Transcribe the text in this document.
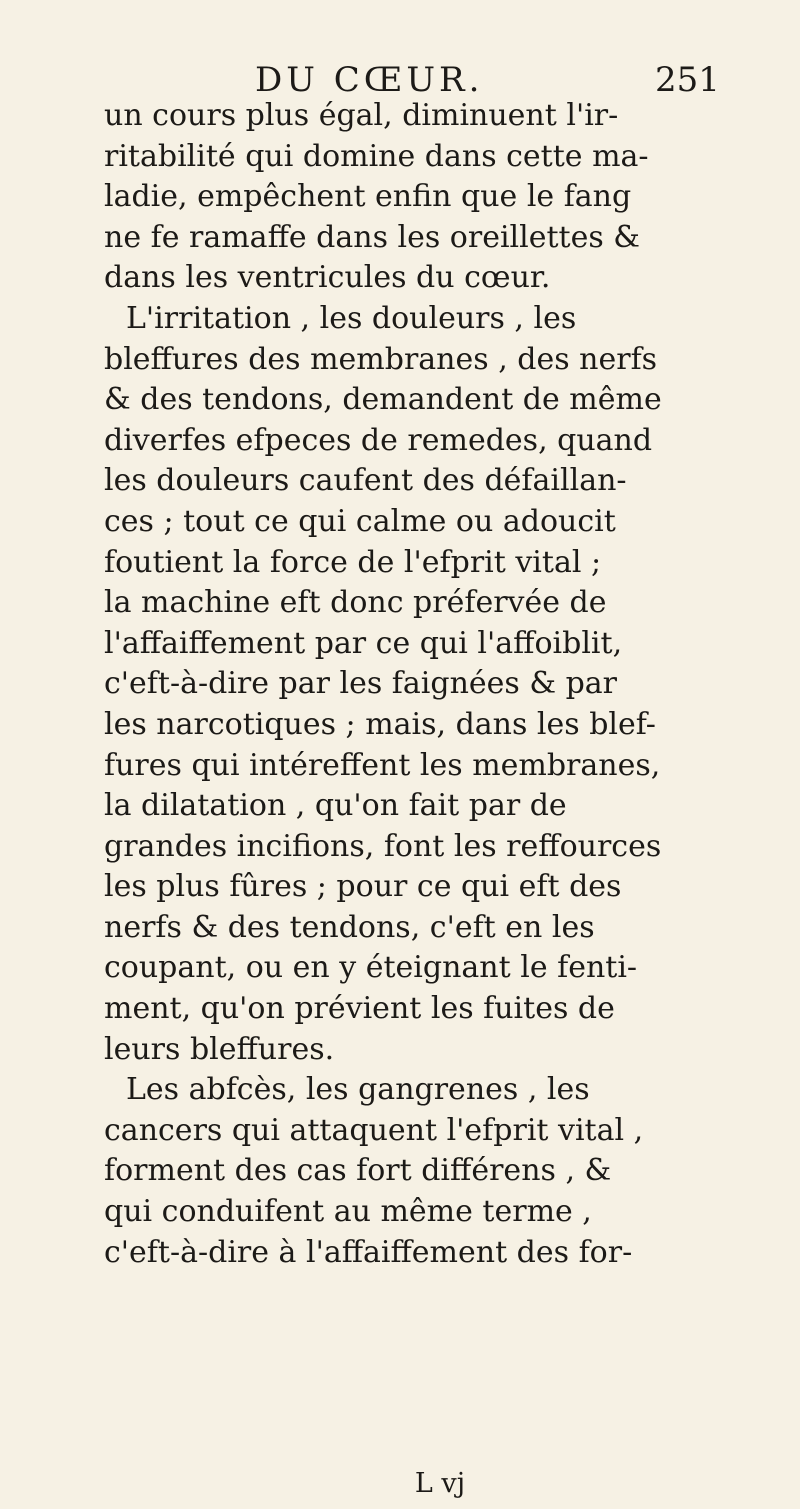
DU CŒUR.	251
un cours plus égal, diminuent l'ir-
ritabilité qui domine dans cette ma-
ladie, empêchent enfin que le fang
ne fe ramaffe dans les oreillettes &
dans les ventricules du cœur.
L'irritation , les douleurs , les
bleffures des membranes , des nerfs
& des tendons, demandent de même
diverfes efpeces de remedes, quand
les douleurs caufent des défaillan-
ces ; tout ce qui calme ou adoucit
foutient la force de l'efprit vital ;
la machine eft donc préfervée de
l'affaiffement par ce qui l'affoiblit,
c'eft-à-dire par les faignées & par
les narcotiques ; mais, dans les blef-
fures qui intéreffent les membranes,
la dilatation , qu'on fait par de
grandes incifions, font les reffources
les plus fûres ; pour ce qui eft des
nerfs & des tendons, c'eft en les
coupant, ou en y éteignant le fenti-
ment, qu'on prévient les fuites de
leurs bleffures.
Les abfcès, les gangrenes , les
cancers qui attaquent l'efprit vital ,
forment des cas fort différens , &
qui conduifent au même terme ,
c'eft-à-dire à l'affaiffement des for-
L vj
